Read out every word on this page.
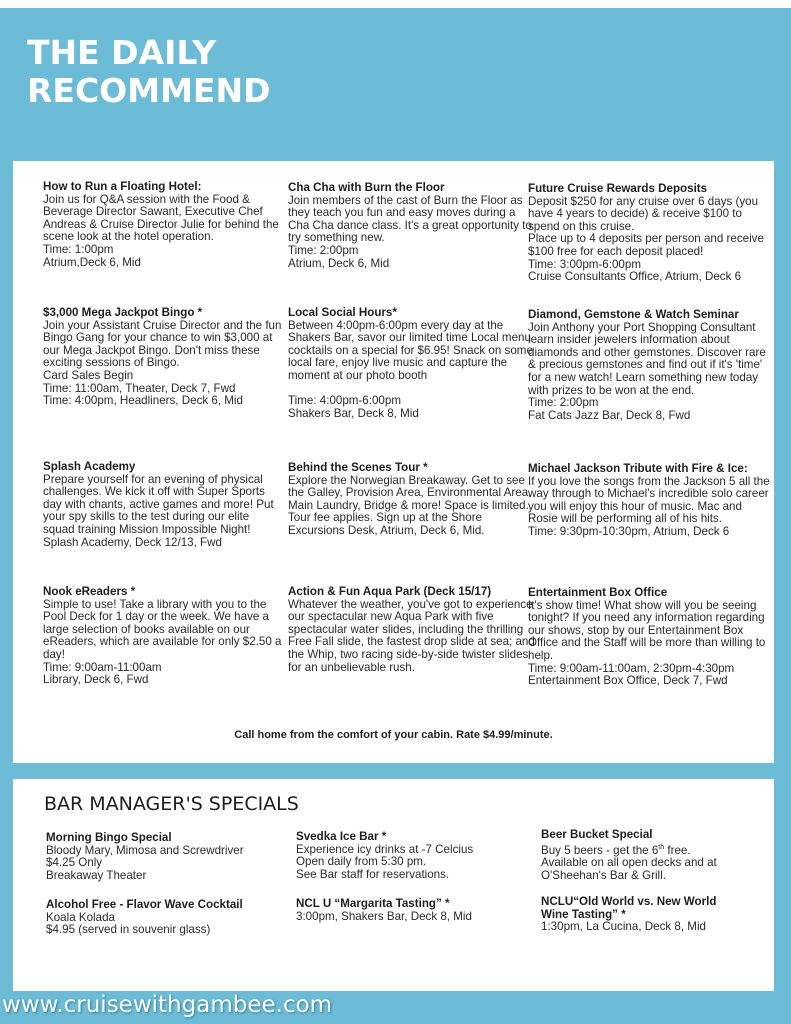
THE DAILY
RECOMMEND
How to Run a Floating Hotel:
Join us for Q&A session with the Food & Beverage Director Sawant, Executive Chef Andreas & Cruise Director Julie for behind the scene look at the hotel operation.
Time: 1:00pm
Atrium,Deck 6, Mid
Cha Cha with Burn the Floor
Join members of the cast of Burn the Floor as they teach you fun and easy moves during a Cha Cha dance class. It's a great opportunity to try something new.
Time: 2:00pm
Atrium, Deck 6, Mid
Future Cruise Rewards Deposits
Deposit $250 for any cruise over 6 days (you have 4 years to decide) & receive $100 to spend on this cruise.
Place up to 4 deposits per person and receive $100 free for each deposit placed!
Time: 3:00pm-6:00pm
Cruise Consultants Office, Atrium, Deck 6
$3,000 Mega Jackpot Bingo *
Join your Assistant Cruise Director and the fun Bingo Gang for your chance to win $3,000 at our Mega Jackpot Bingo. Don't miss these exciting sessions of Bingo.
Card Sales Begin
Time: 11:00am, Theater, Deck 7, Fwd
Time: 4:00pm, Headliners, Deck 6, Mid
Local Social Hours*
Between 4:00pm-6:00pm every day at the Shakers Bar, savor our limited time Local menu cocktails on a special for $6.95! Snack on some local fare, enjoy live music and capture the moment at our photo booth
Time: 4:00pm-6:00pm
Shakers Bar, Deck 8, Mid
Diamond, Gemstone & Watch Seminar
Join Anthony your Port Shopping Consultant learn insider jewelers information about diamonds and other gemstones. Discover rare & precious gemstones and find out if it's 'time' for a new watch! Learn something new today with prizes to be won at the end.
Time: 2:00pm
Fat Cats Jazz Bar, Deck 8, Fwd
Splash Academy
Prepare yourself for an evening of physical challenges. We kick it off with Super Sports day with chants, active games and more! Put your spy skills to the test during our elite squad training Mission Impossible Night!
Splash Academy, Deck 12/13, Fwd
Behind the Scenes Tour *
Explore the Norwegian Breakaway. Get to see the Galley, Provision Area, Environmental Area, Main Laundry, Bridge & more! Space is limited.
Tour fee applies. Sign up at the Shore Excursions Desk, Atrium, Deck 6, Mid.
Michael Jackson Tribute with Fire & Ice:
If you love the songs from the Jackson 5 all the way through to Michael's incredible solo career you will enjoy this hour of music. Mac and Rosie will be performing all of his hits.
Time: 9:30pm-10:30pm, Atrium, Deck 6
Nook eReaders *
Simple to use! Take a library with you to the Pool Deck for 1 day or the week. We have a large selection of books available on our eReaders, which are available for only $2.50 a day!
Time: 9:00am-11:00am
Library, Deck 6, Fwd
Action & Fun Aqua Park (Deck 15/17)
Whatever the weather, you've got to experience our spectacular new Aqua Park with five spectacular water slides, including the thrilling Free Fall slide, the fastest drop slide at sea; and the Whip, two racing side-by-side twister slides for an unbelievable rush.
Entertainment Box Office
It's show time! What show will you be seeing tonight? If you need any information regarding our shows, stop by our Entertainment Box Office and the Staff will be more than willing to help.
Time: 9:00am-11:00am, 2:30pm-4:30pm
Entertainment Box Office, Deck 7, Fwd
Call home from the comfort of your cabin. Rate $4.99/minute.
BAR MANAGER'S SPECIALS
Morning Bingo Special
Bloody Mary, Mimosa and Screwdriver
$4.25 Only
Breakaway Theater
Alcohol Free - Flavor Wave Cocktail
Koala Kolada
$4.95 (served in souvenir glass)
Svedka Ice Bar *
Experience icy drinks at -7 Celcius
Open daily from 5:30 pm.
See Bar staff for reservations.
NCL U “Margarita Tasting” *
3:00pm, Shakers Bar, Deck 8, Mid
Beer Bucket Special
Buy 5 beers - get the 6th free.
Available on all open decks and at O'Sheehan's Bar & Grill.
NCLU“Old World vs. New World Wine Tasting” *
1:30pm, La Cucina, Deck 8, Mid
www.cruisewithgambee.com
